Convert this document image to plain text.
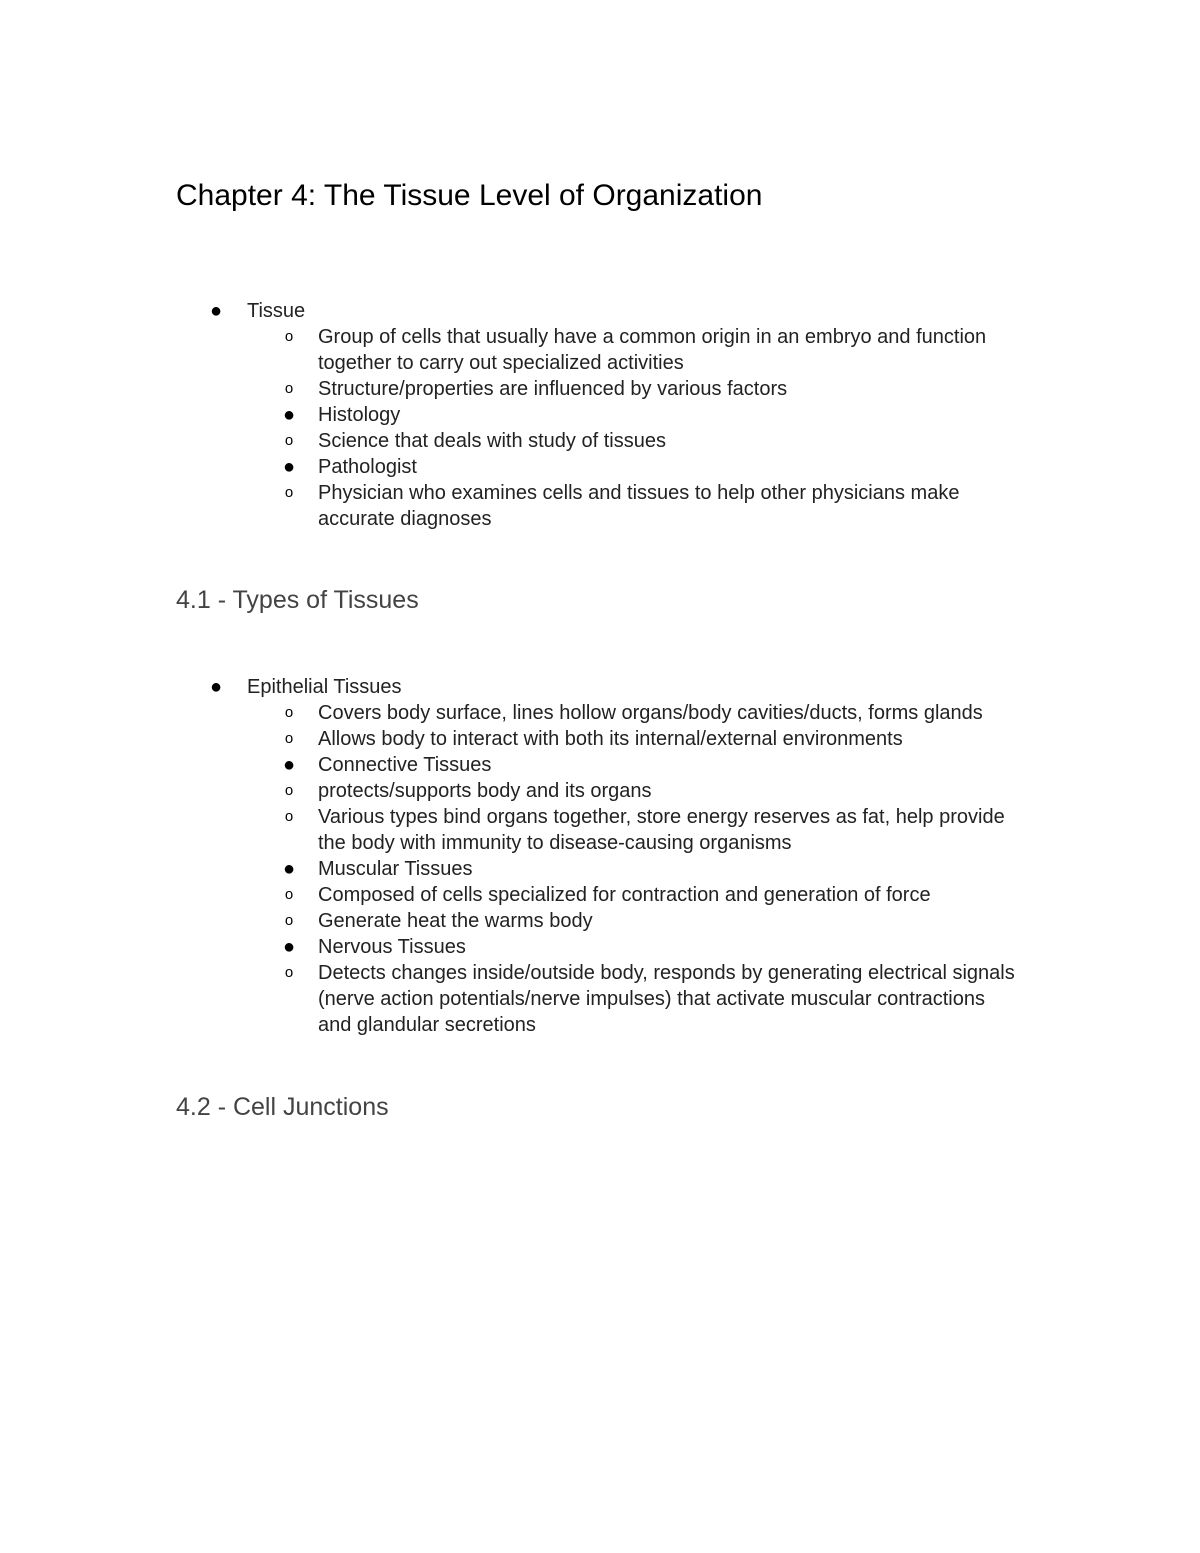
Chapter 4: The Tissue Level of Organization
● Tissue
o Group of cells that usually have a common origin in an embryo and function together to carry out specialized activities
o Structure/properties are influenced by various factors
● Histology
o Science that deals with study of tissues
● Pathologist
o Physician who examines cells and tissues to help other physicians make accurate diagnoses
4.1 - Types of Tissues
● Epithelial Tissues
o Covers body surface, lines hollow organs/body cavities/ducts, forms glands
o Allows body to interact with both its internal/external environments
● Connective Tissues
o protects/supports body and its organs
o Various types bind organs together, store energy reserves as fat, help provide the body with immunity to disease-causing organisms
● Muscular Tissues
o Composed of cells specialized for contraction and generation of force
o Generate heat the warms body
● Nervous Tissues
o Detects changes inside/outside body, responds by generating electrical signals (nerve action potentials/nerve impulses) that activate muscular contractions and glandular secretions
4.2 - Cell Junctions
